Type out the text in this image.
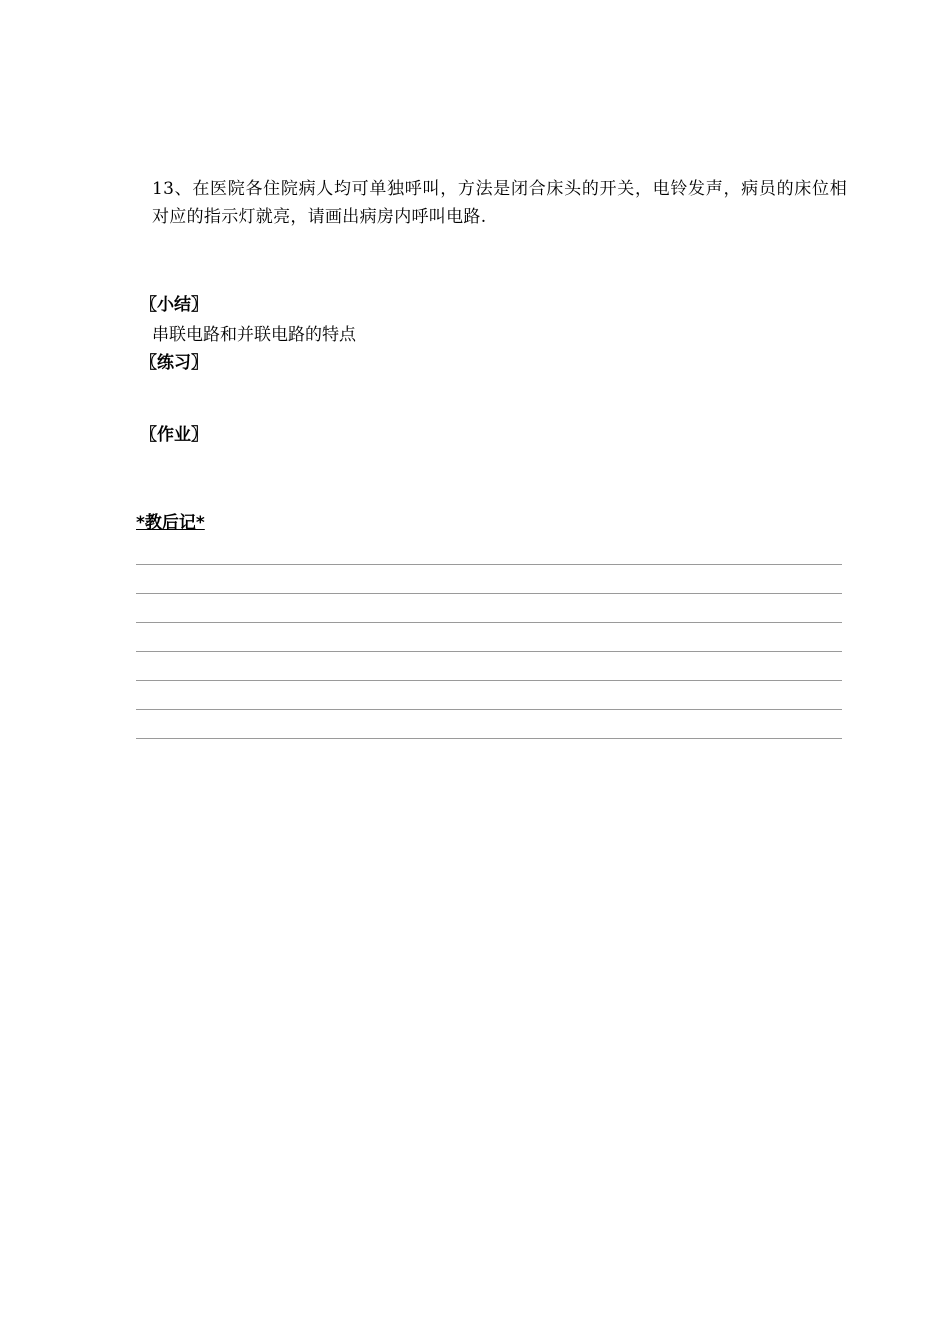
13、在医院各住院病人均可单独呼叫，方法是闭合床头的开关，电铃发声，病员的床位相对应的指示灯就亮，请画出病房内呼叫电路.
〖小结〗
串联电路和并联电路的特点
〖练习〗
〖作业〗
*教后记*
